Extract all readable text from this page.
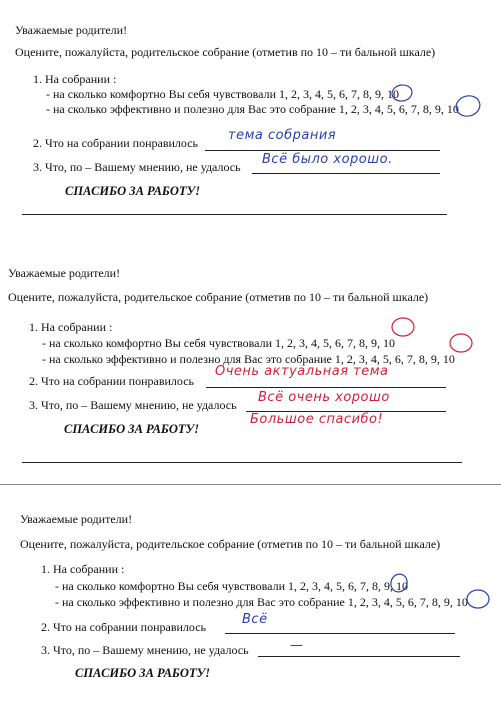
Уважаемые родители!
Оцените, пожалуйста, родительское собрание (отметив по 10 – ти бальной шкале)
1. На собрании :
- на сколько комфортно Вы себя чувствовали 1, 2, 3, 4, 5, 6, 7, 8, 9, 10
- на сколько эффективно и полезно для Вас это собрание 1, 2, 3, 4, 5, 6, 7, 8, 9, 10
2. Что на собрании понравилось тема собрания
3. Что, по – Вашему мнению, не удалось Всё было хорошо.
СПАСИБО ЗА РАБОТУ!
Уважаемые родители!
Оцените, пожалуйста, родительское собрание (отметив по 10 – ти бальной шкале)
1. На собрании :
- на сколько комфортно Вы себя чувствовали 1, 2, 3, 4, 5, 6, 7, 8, 9, 10
- на сколько эффективно и полезно для Вас это собрание 1, 2, 3, 4, 5, 6, 7, 8, 9, 10
2. Что на собрании понравилось
Очень актуальная тема
3. Что, по – Вашему мнению, не удалось Всё очень хорошо
Большое спасибо!
СПАСИБО ЗА РАБОТУ!
Уважаемые родители!
Оцените, пожалуйста, родительское собрание (отметив по 10 – ти бальной шкале)
1. На собрании :
- на сколько комфортно Вы себя чувствовали 1, 2, 3, 4, 5, 6, 7, 8, 9, 10
- на сколько эффективно и полезно для Вас это собрание 1, 2, 3, 4, 5, 6, 7, 8, 9, 10
2. Что на собрании понравилось	Всё
3. Что, по – Вашему мнению, не удалось	—
СПАСИБО ЗА РАБОТУ!
